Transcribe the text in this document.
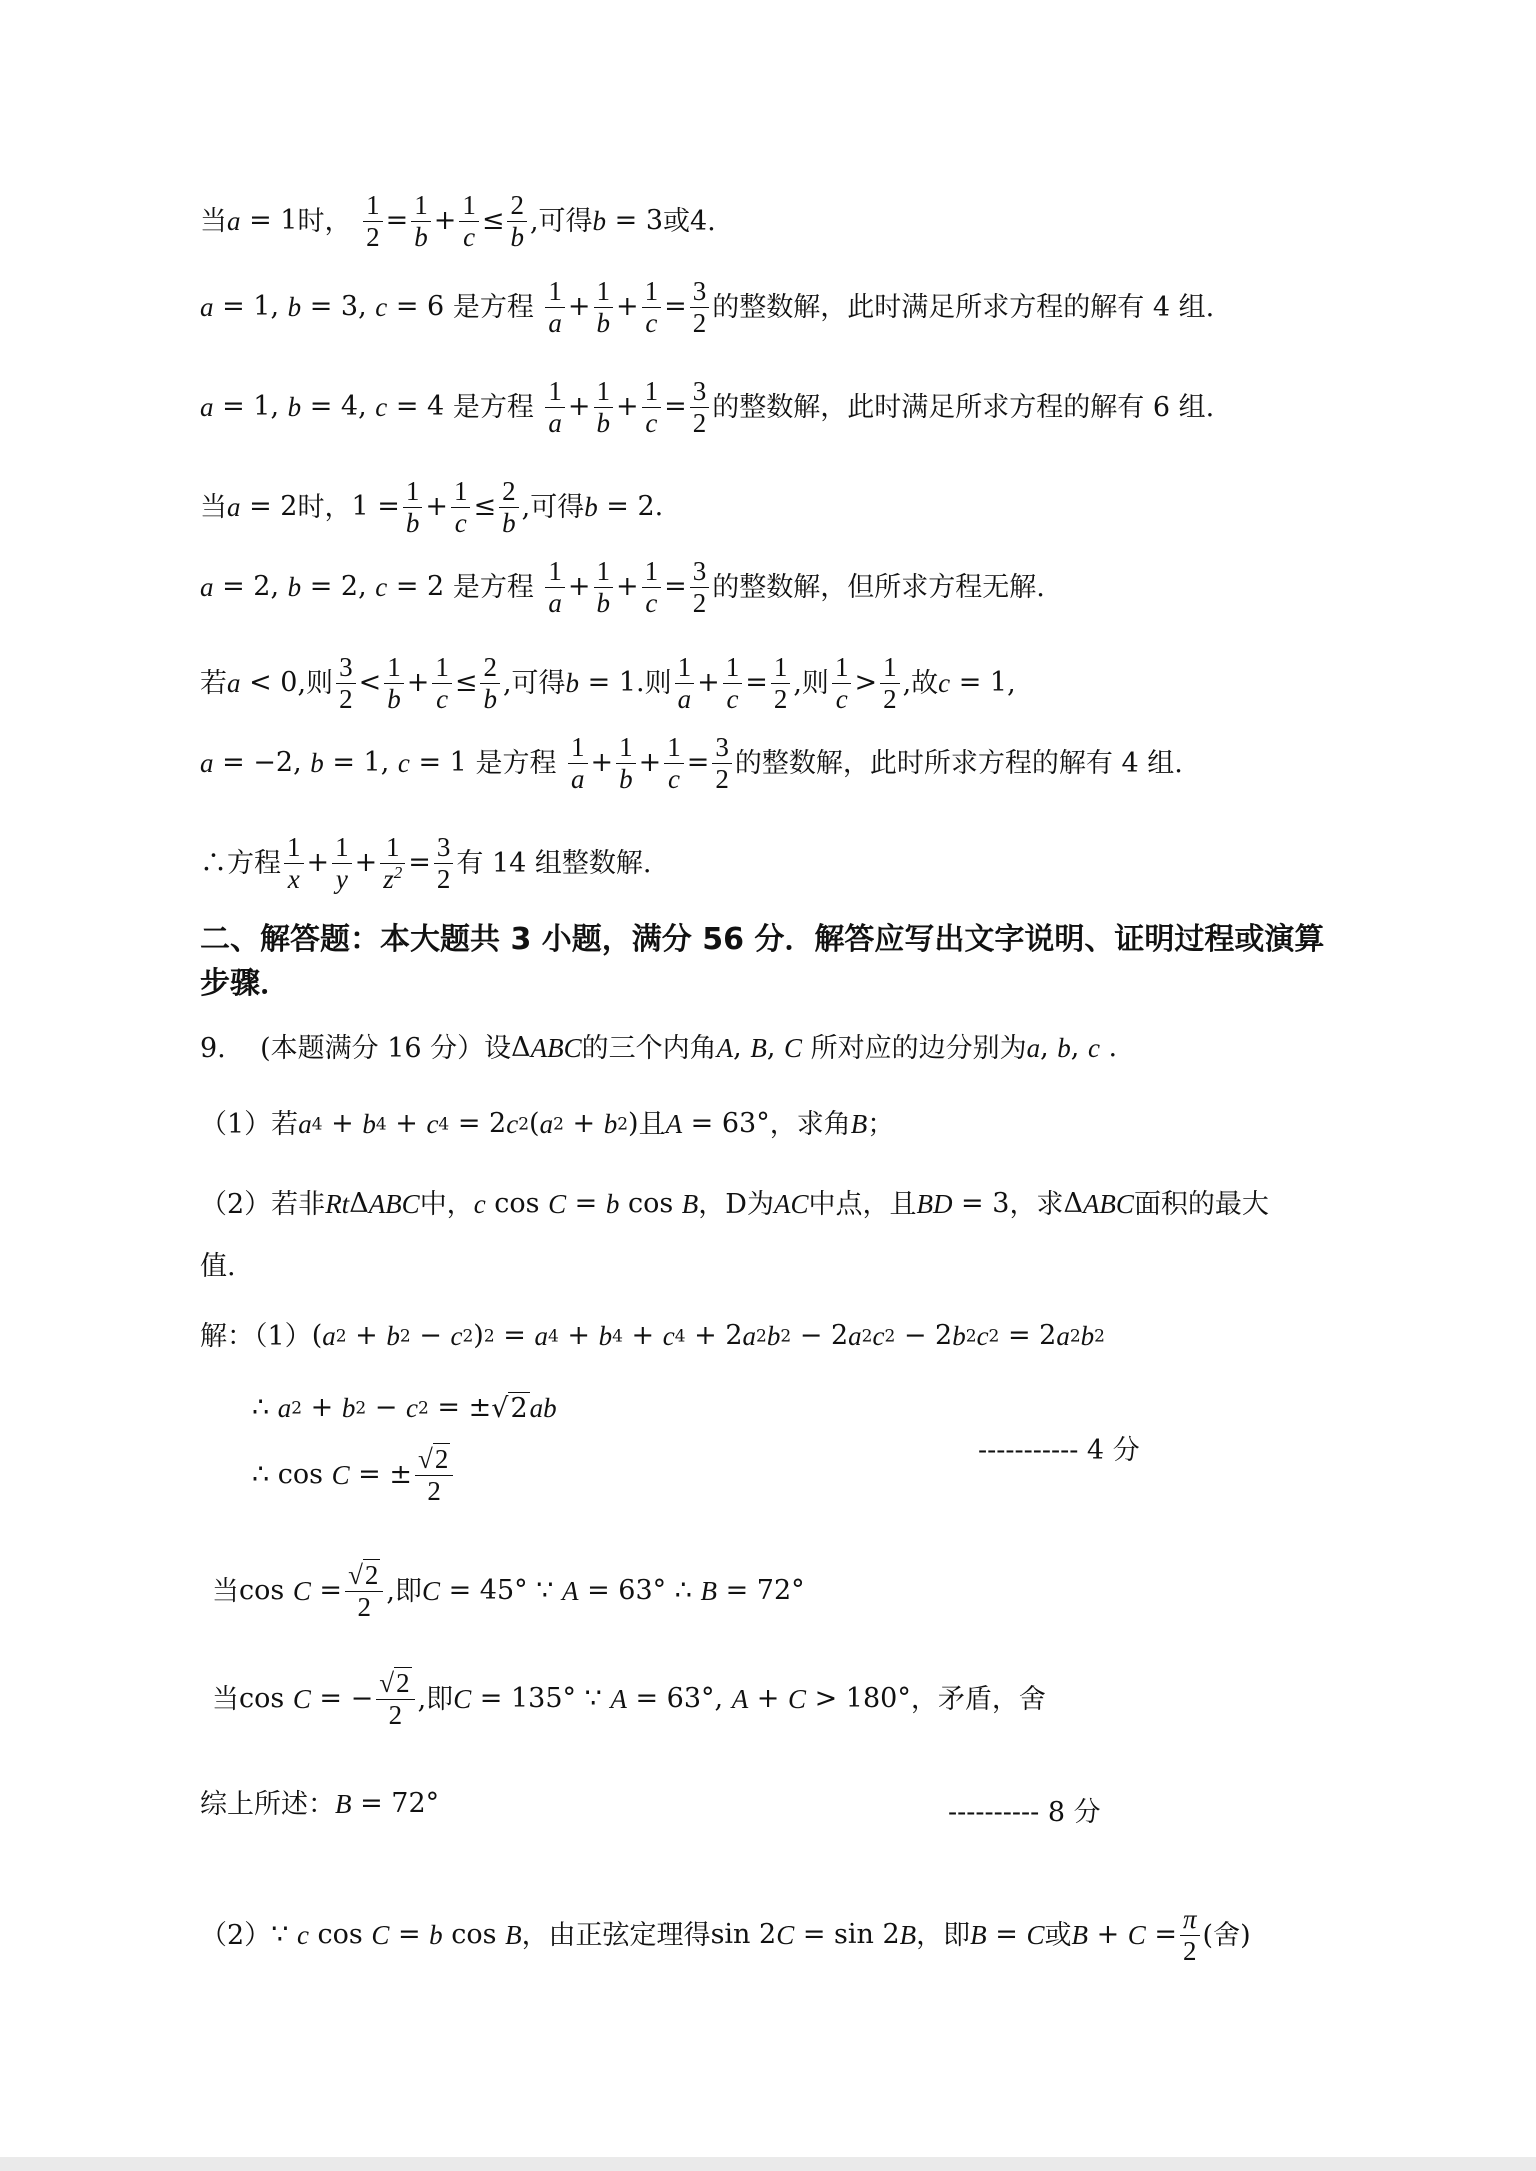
当a = 1时， $\frac{1}{2} = \frac{1}{b} + \frac{1}{c} \le \frac{2}{b}$ ,可得b = 3或4.
a = 1, b = 3, c = 6 是方程 $\frac{1}{a} + \frac{1}{b} + \frac{1}{c} = \frac{3}{2}$ 的整数解，此时满足所求方程的解有 4 组.
a = 1, b = 4, c = 4 是方程 $\frac{1}{a} + \frac{1}{b} + \frac{1}{c} = \frac{3}{2}$ 的整数解，此时满足所求方程的解有 6 组.
当a = 2时，$1 = \frac{1}{b} + \frac{1}{c} \le \frac{2}{b}$ ,可得b = 2.
a = 2, b = 2, c = 2 是方程 $\frac{1}{a} + \frac{1}{b} + \frac{1}{c} = \frac{3}{2}$ 的整数解，但所求方程无解.
若a < 0,则 $\frac{3}{2} < \frac{1}{b} + \frac{1}{c} \le \frac{2}{b}$ ,可得b = 1.则 $\frac{1}{a} + \frac{1}{c} = \frac{1}{2}$ ,则 $\frac{1}{c} > \frac{1}{2}$ ,故c = 1,
a = −2, b = 1, c = 1 是方程 $\frac{1}{a} + \frac{1}{b} + \frac{1}{c} = \frac{3}{2}$ 的整数解，此时所求方程的解有 4 组.
∴方程 $\frac{1}{x} + \frac{1}{y} + \frac{1}{z^2} = \frac{3}{2}$ 有 14 组整数解.
二、解答题：本大题共 3 小题，满分 56 分．解答应写出文字说明、证明过程或演算步骤．
9. (本题满分 16 分）设ΔABC的三个内角A, B, C 所对应的边分别为a, b, c .
（1）若a4 + b4 + c4 = 2c2(a2 + b2)且A = 63°，求角B；
（2）若非RtΔABC中，c cos C = b cos B，D为AC中点，且BD = 3，求ΔABC面积的最大
值.
解：（1）(a2 + b2 − c2)2 = a4 + b4 + c4 + 2a2b2 − 2a2c2 − 2b2c2 = 2a2b2
∴ a2 + b2 − c2 = ±√2ab
∴ cos C = ± $\frac{√2}{2}$	----------- 4 分
当$\cos C = \frac{√2}{2}$ ,即C = 45° ∵ A = 63° ∴ B = 72°
当cos C = − $\frac{√2}{2}$ ,即C = 135° ∵ A = 63°, A + C > 180°，矛盾，舍
综上所述：B = 72°	---------- 8 分
（2）∵ c cos C = b cos B，由正弦定理得sin 2C = sin 2B，即B = C或$B + C = \frac{\pi}{2}$ (舍)
